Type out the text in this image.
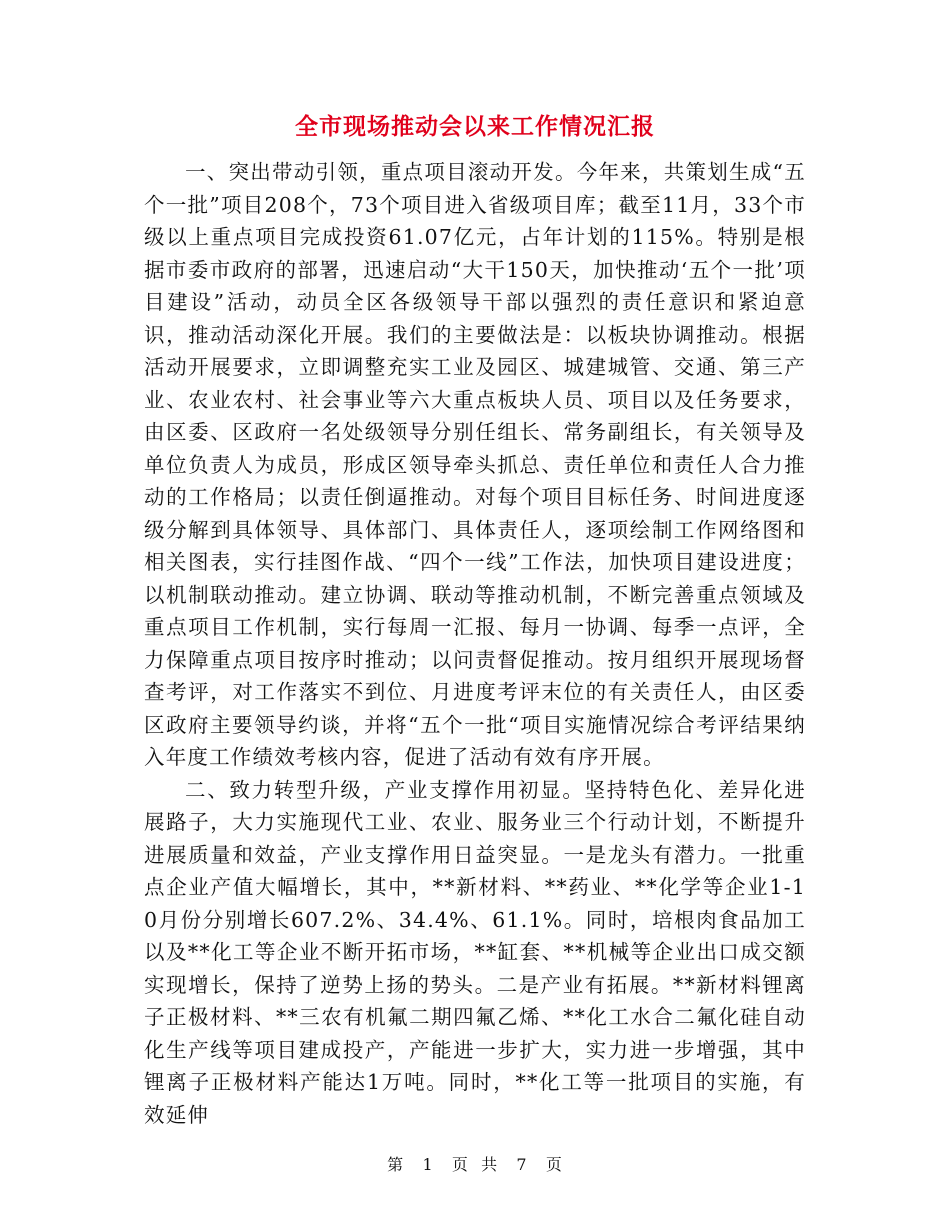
全市现场推动会以来工作情况汇报

一、突出带动引领，重点项目滚动开发。今年来，共策划生成“五个一批”项目208个，73个项目进入省级项目库；截至11月，33个市级以上重点项目完成投资61.07亿元，占年计划的115%。特别是根据市委市政府的部署，迅速启动“大干150天，加快推动‘五个一批’项目建设”活动，动员全区各级领导干部以强烈的责任意识和紧迫意识，推动活动深化开展。我们的主要做法是：以板块协调推动。根据活动开展要求，立即调整充实工业及园区、城建城管、交通、第三产业、农业农村、社会事业等六大重点板块人员、项目以及任务要求，由区委、区政府一名处级领导分别任组长、常务副组长，有关领导及单位负责人为成员，形成区领导牵头抓总、责任单位和责任人合力推动的工作格局；以责任倒逼推动。对每个项目目标任务、时间进度逐级分解到具体领导、具体部门、具体责任人，逐项绘制工作网络图和相关图表，实行挂图作战、“四个一线”工作法，加快项目建设进度；以机制联动推动。建立协调、联动等推动机制，不断完善重点领域及重点项目工作机制，实行每周一汇报、每月一协调、每季一点评，全力保障重点项目按序时推动；以问责督促推动。按月组织开展现场督查考评，对工作落实不到位、月进度考评末位的有关责任人，由区委区政府主要领导约谈，并将“五个一批“项目实施情况综合考评结果纳入年度工作绩效考核内容，促进了活动有效有序开展。

二、致力转型升级，产业支撑作用初显。坚持特色化、差异化进展路子，大力实施现代工业、农业、服务业三个行动计划，不断提升进展质量和效益，产业支撑作用日益突显。一是龙头有潜力。一批重点企业产值大幅增长，其中，**新材料、**药业、**化学等企业1-10月份分别增长607.2%、34.4%、61.1%。同时，培根肉食品加工以及**化工等企业不断开拓市场，**缸套、**机械等企业出口成交额实现增长，保持了逆势上扬的势头。二是产业有拓展。**新材料锂离子正极材料、**三农有机氟二期四氟乙烯、**化工水合二氟化硅自动化生产线等项目建成投产，产能进一步扩大，实力进一步增强，其中锂离子正极材料产能达1万吨。同时，**化工等一批项目的实施，有效延伸

第 1 页  共 7 页
